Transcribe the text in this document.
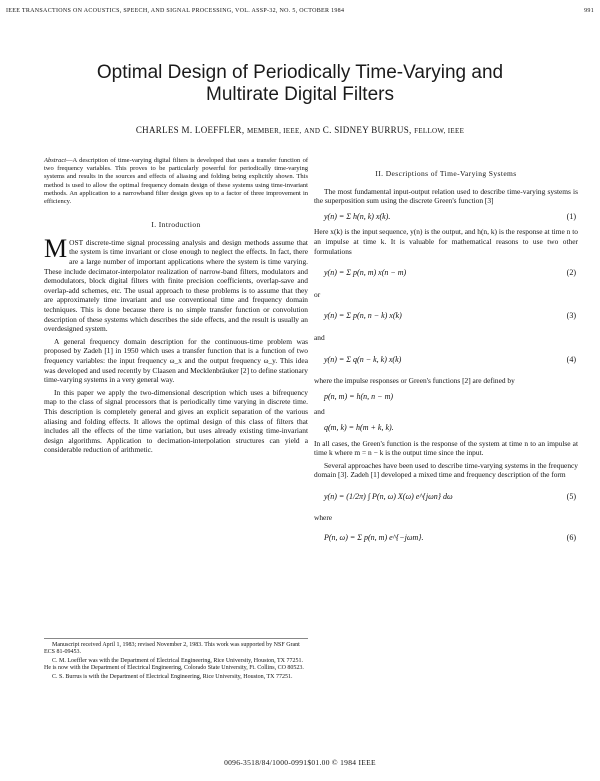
IEEE TRANSACTIONS ON ACOUSTICS, SPEECH, AND SIGNAL PROCESSING, VOL. ASSP-32, NO. 5, OCTOBER 1984	991
Optimal Design of Periodically Time-Varying and
Multirate Digital Filters
CHARLES M. LOEFFLER, MEMBER, IEEE, AND C. SIDNEY BURRUS, FELLOW, IEEE
Abstract—A description of time-varying digital filters is developed that uses a transfer function of two frequency variables. This proves to be particularly powerful for periodically time-varying systems and results in the sources and effects of aliasing and folding being explicitly shown. This method is used to allow the optimal frequency domain design of these systems using time-invariant methods. An application to a narrowband filter design gives up to a factor of three improvement in efficiency.
I. Introduction

MOST discrete-time signal processing analysis and design methods assume that the system is time invariant or close enough to neglect the effects. In fact, there are a large number of important applications where the system is time varying. These include decimator-interpolator realization of narrow-band filters, modulators and demodulators, block digital filters with finite precision coefficients, overlap-save and overlap-add schemes, etc. The usual approach to these problems is to assume that they are approximately time invariant and use conventional time and frequency domain techniques. This is done because there is no simple transfer function or convolution description of these systems which describes the side effects, and the result is usually an overdesigned system.

A general frequency domain description for the continuous-time problem was proposed by Zadeh [1] in 1950 which uses a transfer function that is a function of two frequency variables: the input frequency ω_x and the output frequency ω_y. This idea was developed and used recently by Claasen and Mecklenbräuker [2] to define stationary time-varying systems in a very general way.

In this paper we apply the two-dimensional description which uses a bifrequency map to the class of signal processors that is periodically time varying in discrete time. This description is completely general and gives an explicit separation of the various aliasing and folding effects. It allows the optimal design of this class of filters that includes all the effects of the time variation, but uses already existing time-invariant design algorithms. Application to decimation-interpolation structures can yield a considerable reduction of arithmetic.

Manuscript received April 1, 1983; revised November 2, 1983. This work was supported by NSF Grant ECS 81-09453.

C. M. Loeffler was with the Department of Electrical Engineering, Rice University, Houston, TX 77251. He is now with the Department of Electrical Engineering, Colorado State University, Ft. Collins, CO 80523.

C. S. Burrus is with the Department of Electrical Engineering, Rice University, Houston, TX 77251.

II. Descriptions of Time-Varying Systems

The most fundamental input-output relation used to describe time-varying systems is the superposition sum using the discrete Green's function [3]

y(n) = Σ h(n, k) x(k).	(1)

Here x(k) is the input sequence, y(n) is the output, and h(n, k) is the response at time n to an impulse at time k. It is valuable for mathematical reasons to use two other formulations

y(n) = Σ p(n, m) x(n − m)	(2)
or
y(n) = Σ p(n, n − k) x(k)	(3)
and
y(n) = Σ q(n − k, k) x(k)	(4)

where the impulse responses or Green's functions [2] are defined by

p(n, m) = h(n, n − m)
and
q(m, k) = h(m + k, k).

In all cases, the Green's function is the response of the system at time n to an impulse at time k where m = n − k is the output time since the input.

Several approaches have been used to describe time-varying systems in the frequency domain [3]. Zadeh [1] developed a mixed time and frequency description of the form

y(n) = (1/2π) ∫ P(n, ω) X(ω) e^{jωn} dω	(5)
where
P(n, ω) = Σ p(n, m) e^{−jωm}.	(6)
0096-3518/84/1000-0991$01.00 © 1984 IEEE
